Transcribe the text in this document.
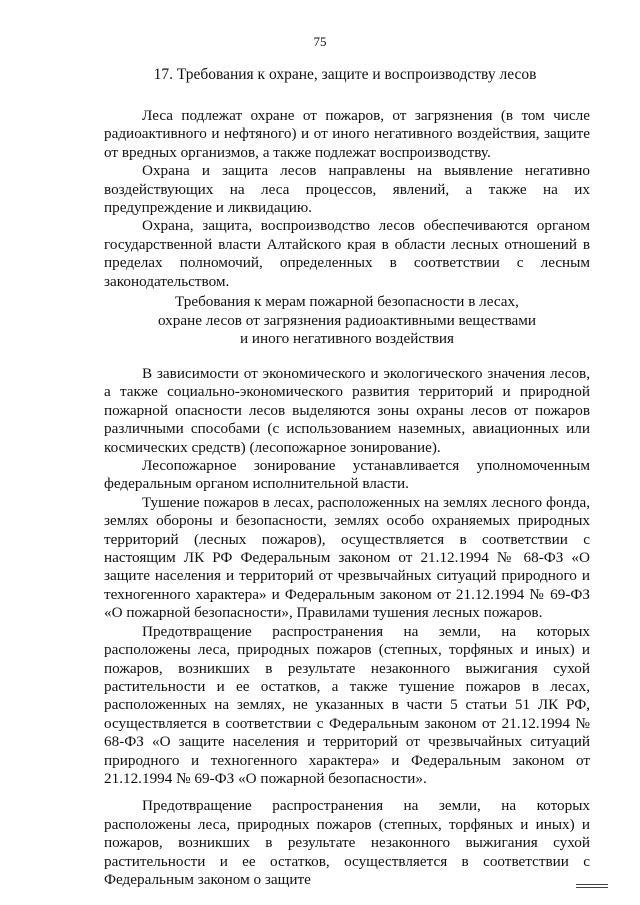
75
17. Требования к охране, защите и воспроизводству лесов

Леса подлежат охране от пожаров, от загрязнения (в том числе радиоактивного и нефтяного) и от иного негативного воздействия, защите от вредных организмов, а также подлежат воспроизводству.

Охрана и защита лесов направлены на выявление негативно воздействующих на леса процессов, явлений, а также на их предупреждение и ликвидацию.

Охрана, защита, воспроизводство лесов обеспечиваются органом государственной власти Алтайского края в области лесных отношений в пределах полномочий, определенных в соответствии с лесным законодательством.

Требования к мерам пожарной безопасности в лесах,
охране лесов от загрязнения радиоактивными веществами
и иного негативного воздействия

В зависимости от экономического и экологического значения лесов, а также социально-экономического развития территорий и природной пожарной опасности лесов выделяются зоны охраны лесов от пожаров различными способами (с использованием наземных, авиационных или космических средств) (лесопожарное зонирование).

Лесопожарное зонирование устанавливается уполномоченным федеральным органом исполнительной власти.

Тушение пожаров в лесах, расположенных на землях лесного фонда, землях обороны и безопасности, землях особо охраняемых природных территорий (лесных пожаров), осуществляется в соответствии с настоящим ЛК РФ Федеральным законом от 21.12.1994 № 68-ФЗ «О защите населения и территорий от чрезвычайных ситуаций природного и техногенного характера» и Федеральным законом от 21.12.1994 № 69-ФЗ «О пожарной безопасности», Правилами тушения лесных пожаров.

Предотвращение распространения на земли, на которых расположены леса, природных пожаров (степных, торфяных и иных) и пожаров, возникших в результате незаконного выжигания сухой растительности и ее остатков, а также тушение пожаров в лесах, расположенных на землях, не указанных в части 5 статьи 51 ЛК РФ, осуществляется в соответствии с Федеральным законом от 21.12.1994 № 68-ФЗ «О защите населения и территорий от чрезвычайных ситуаций природного и техногенного характера» и Федеральным законом от 21.12.1994 № 69-ФЗ «О пожарной безопасности».

Предотвращение распространения на земли, на которых расположены леса, природных пожаров (степных, торфяных и иных) и пожаров, возникших в результате незаконного выжигания сухой растительности и ее остатков, осуществляется в соответствии с Федеральным законом о защите
